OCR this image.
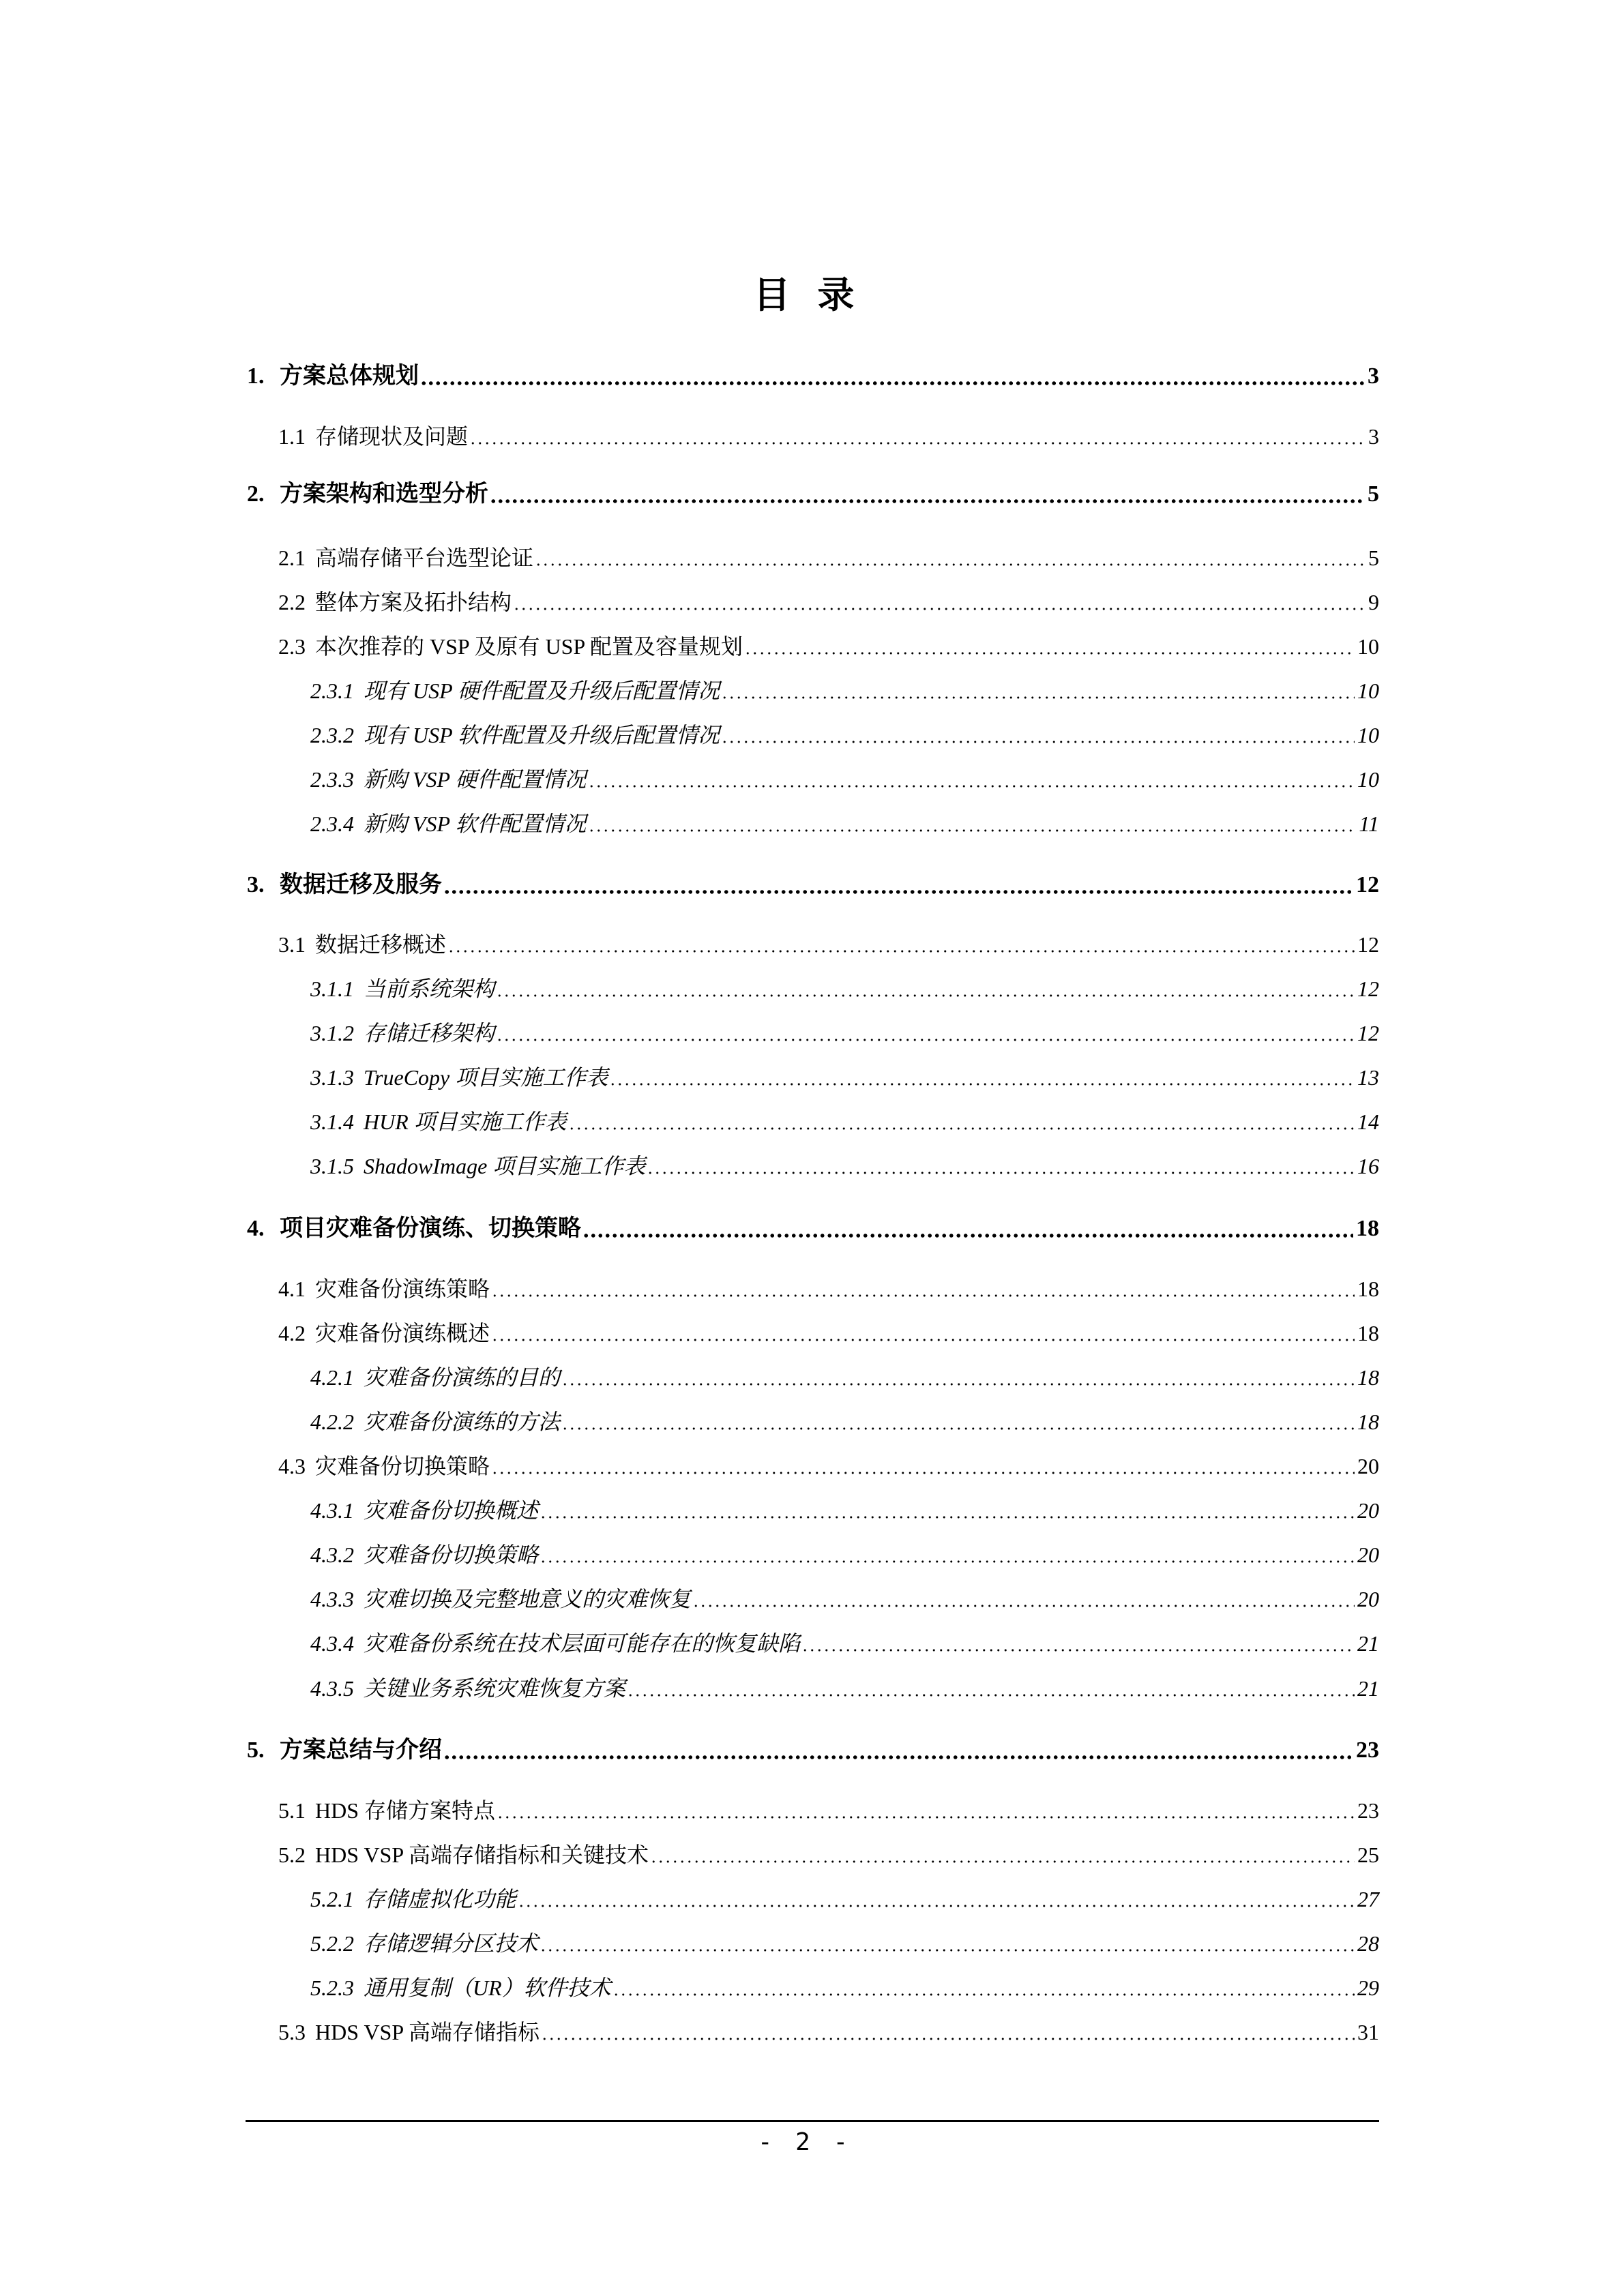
目录
1. 方案总体规划	3
1.1 存储现状及问题	3
2. 方案架构和选型分析	5
2.1 高端存储平台选型论证	5
2.2 整体方案及拓扑结构	9
2.3 本次推荐的 VSP 及原有 USP 配置及容量规划	10
2.3.1 现有 USP 硬件配置及升级后配置情况	10
2.3.2 现有 USP 软件配置及升级后配置情况	10
2.3.3 新购 VSP 硬件配置情况	10
2.3.4 新购 VSP 软件配置情况	11
3. 数据迁移及服务	12
3.1 数据迁移概述	12
3.1.1 当前系统架构	12
3.1.2 存储迁移架构	12
3.1.3 TrueCopy 项目实施工作表	13
3.1.4 HUR 项目实施工作表	14
3.1.5 ShadowImage 项目实施工作表	16
4. 项目灾难备份演练、切换策略	18
4.1 灾难备份演练策略	18
4.2 灾难备份演练概述	18
4.2.1 灾难备份演练的目的	18
4.2.2 灾难备份演练的方法	18
4.3 灾难备份切换策略	20
4.3.1 灾难备份切换概述	20
4.3.2 灾难备份切换策略	20
4.3.3 灾难切换及完整地意义的灾难恢复	20
4.3.4 灾难备份系统在技术层面可能存在的恢复缺陷	21
4.3.5 关键业务系统灾难恢复方案	21
5. 方案总结与介绍	23
5.1 HDS 存储方案特点	23
5.2 HDS VSP 高端存储指标和关键技术	25
5.2.1 存储虚拟化功能	27
5.2.2 存储逻辑分区技术	28
5.2.3 通用复制（UR）软件技术	29
5.3 HDS VSP 高端存储指标	31
- 2 -
